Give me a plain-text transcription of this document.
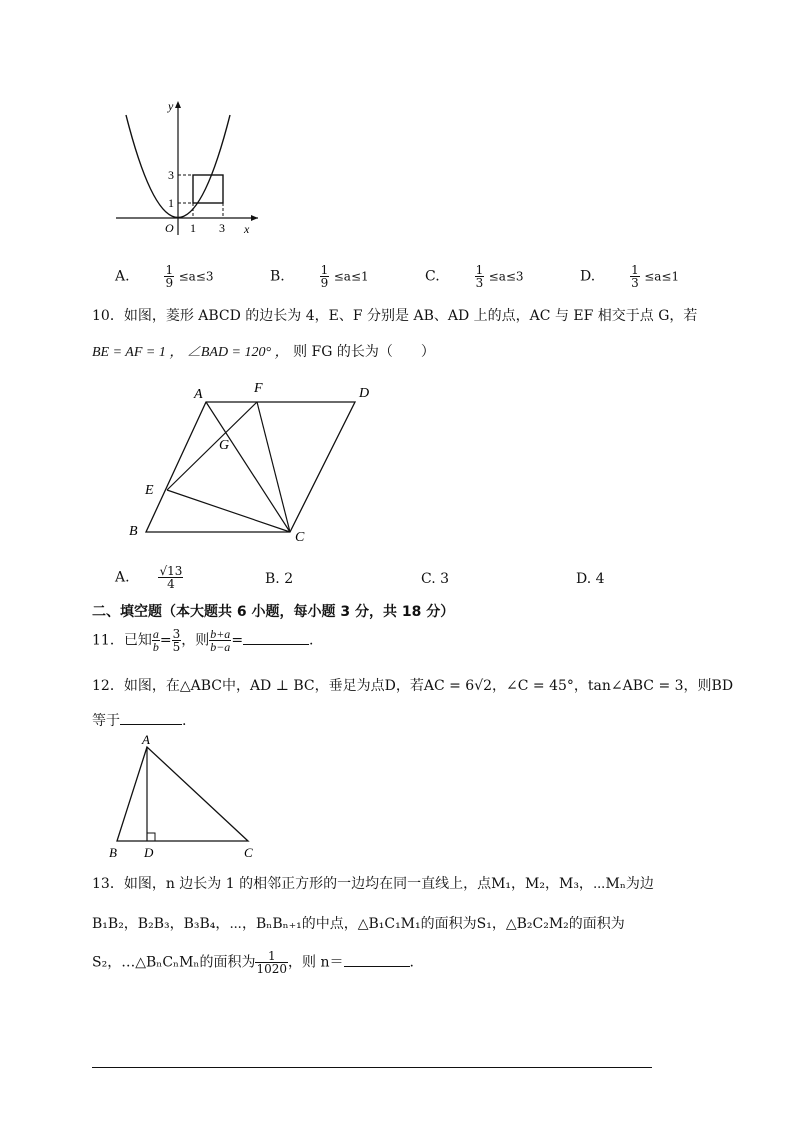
y
x
O
3
1
1 3
A.	$\frac{1}{9} \le a\le 3$	B.	$\frac{1}{9} \le a\le 1$	C.	$\frac{1}{3} \le a\le 3$	D.	$\frac{1}{3} \le a\le 1$
10．如图，菱形 ABCD 的边长为 4，E、F 分别是 AB、AD 上的点，AC 与 EF 相交于点 G，若
BE = AF = 1 ， ∠BAD = 120° ， 则 FG 的长为（　　）
A	F	D
G
E
B	C
A. $\frac{√13}{4}$	B. 2	C. 3	D. 4
二、填空题（本大题共 6 小题，每小题 3 分，共 18 分）
11．已知 $\frac{a}{b} = \frac{3}{5}$ ，则 $\frac{b+a}{b-a}$ =	.
12．如图，在△ABC中，AD ⊥ BC，垂足为点D，若AC = 6√2，∠C = 45°，tan∠ABC = 3，则BD
等于	.
A
B D	C
13．如图，n 边长为 1 的相邻正方形的一边均在同一直线上，点M₁，M₂，M₃，⋯Mₙ为边
B₁B₂，B₂B₃，B₃B₄，⋯，BₙBₙ₊₁的中点，△B₁C₁M₁的面积为S₁，△B₂C₂M₂的面积为
S₂，…△BₙCₙMₙ的面积为 $\frac{1}{1020}$ ，则 n＝	.
